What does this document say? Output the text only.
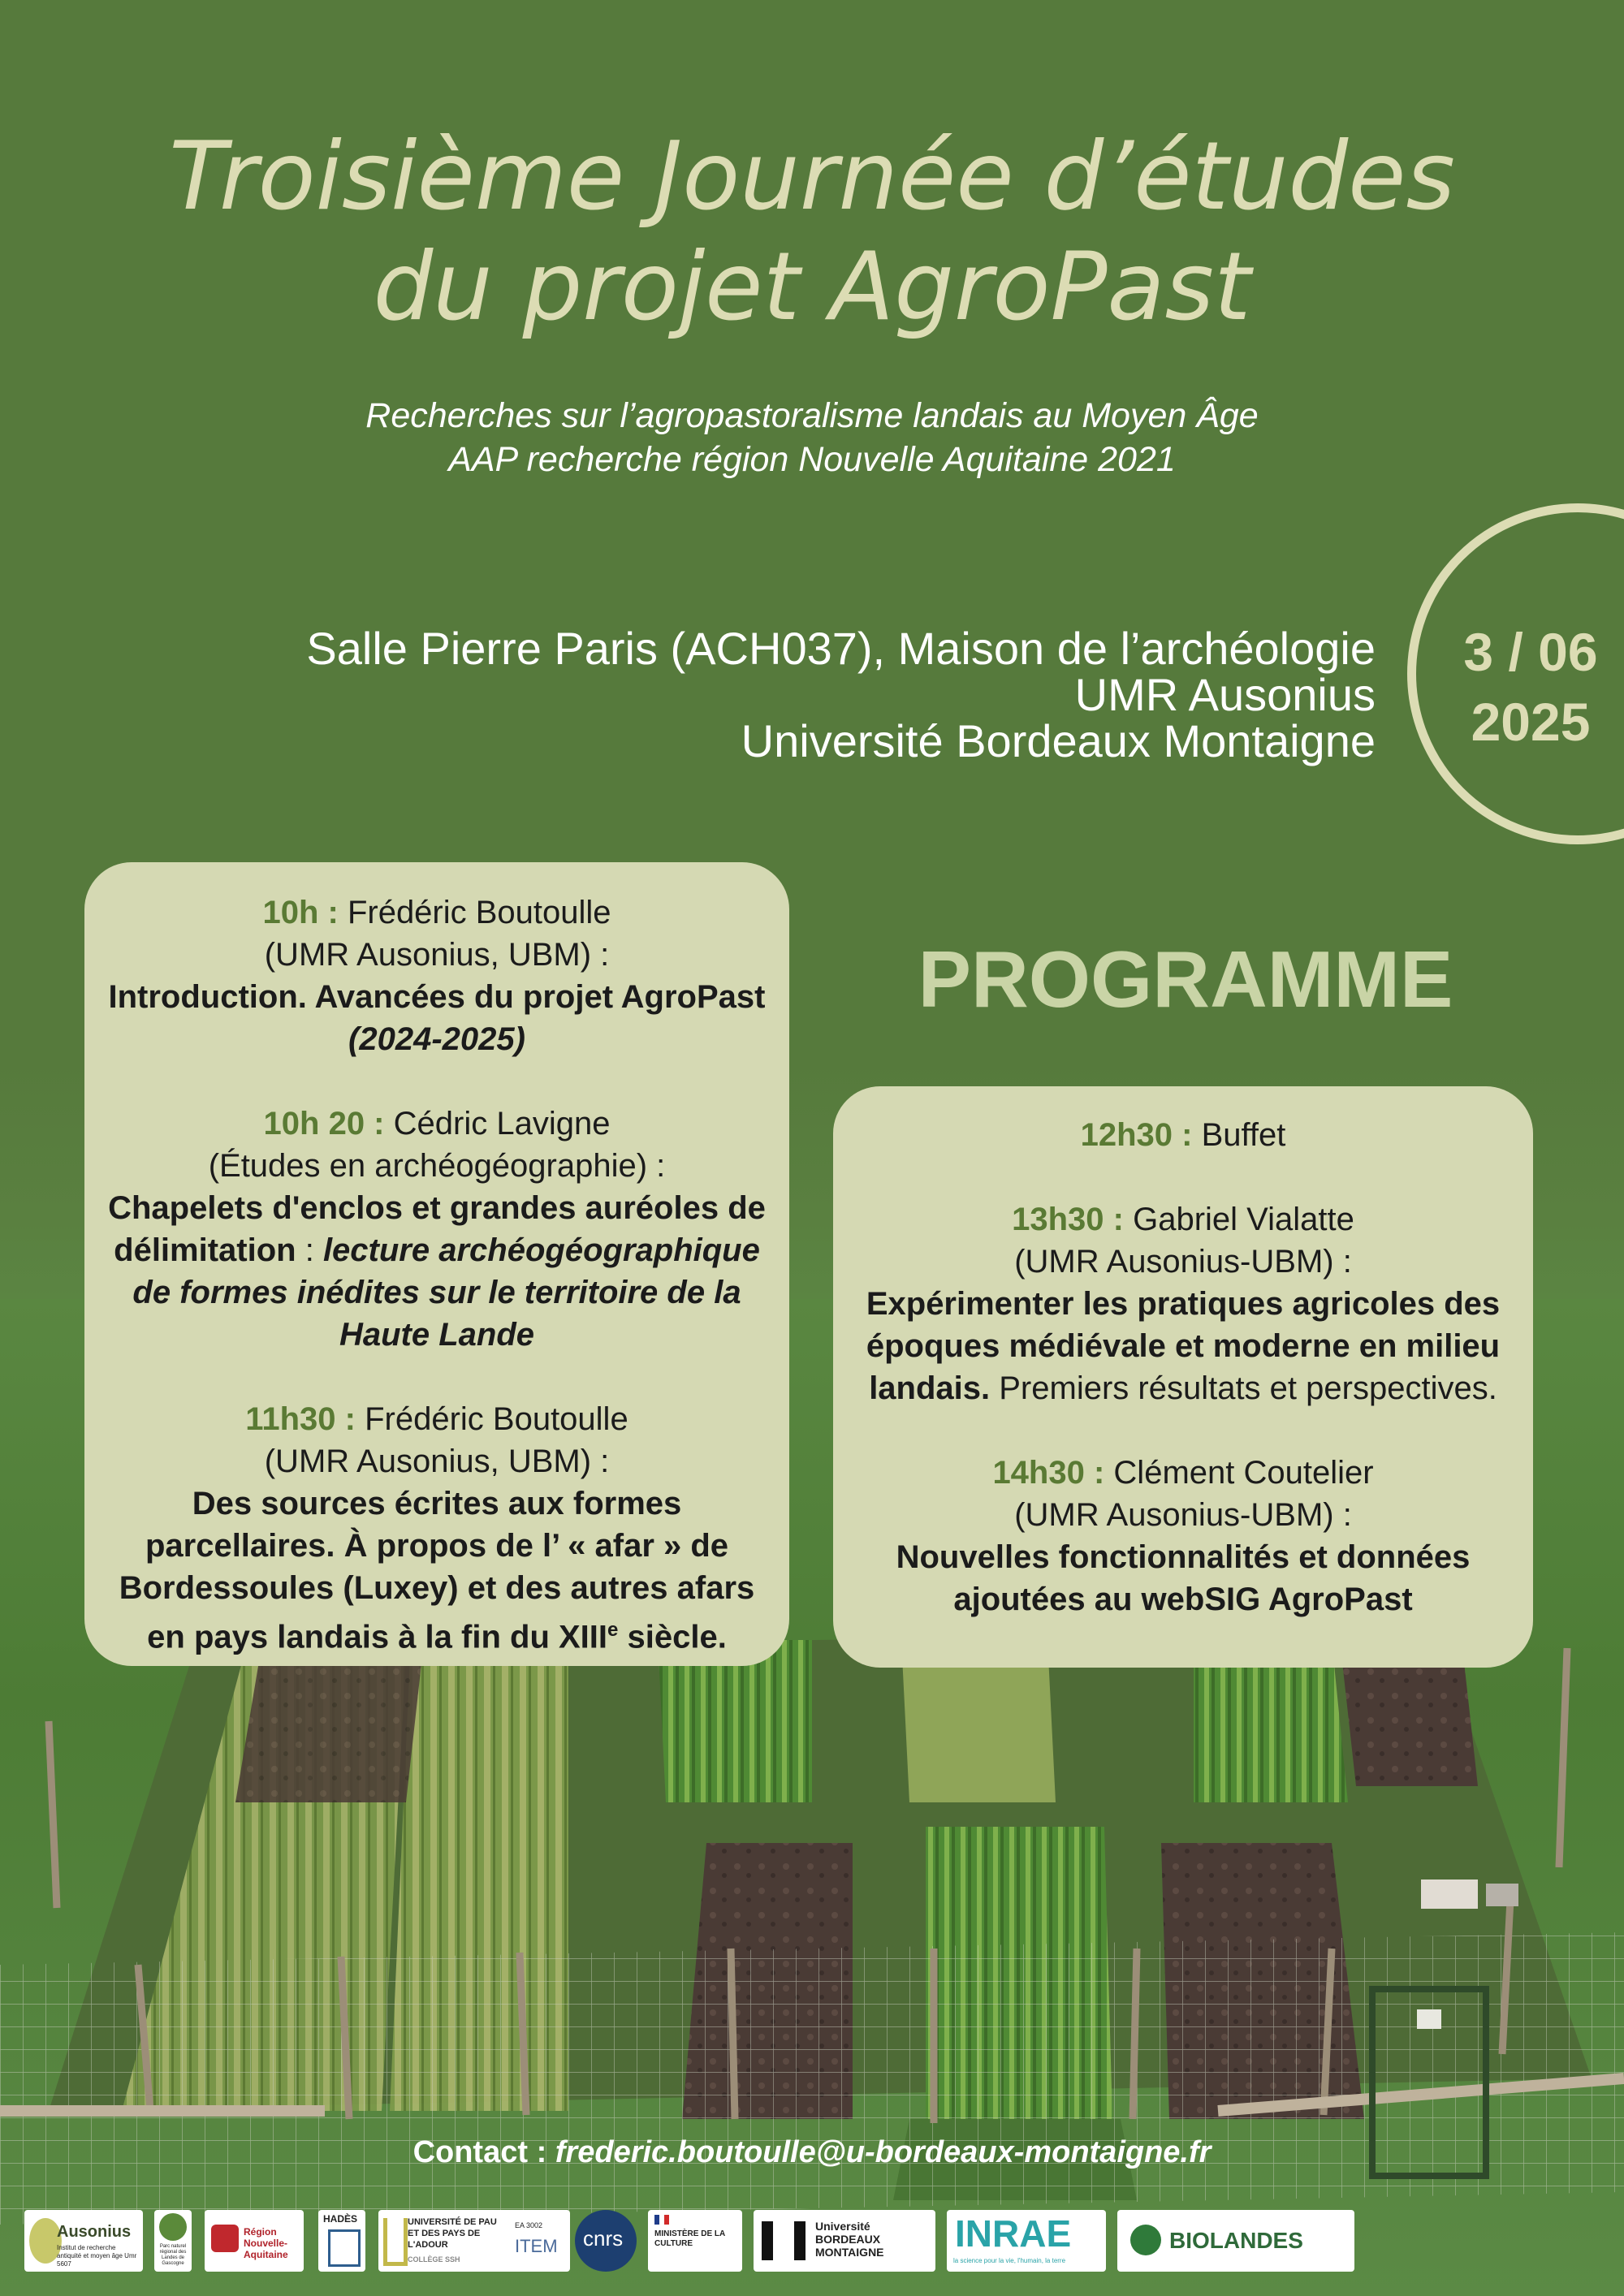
Troisième Journée d’études
du projet AgroPast
Recherches sur l’agropastoralisme landais au Moyen Âge
AAP recherche région Nouvelle Aquitaine 2021
Salle Pierre Paris (ACH037), Maison de l’archéologie
UMR Ausonius
Université Bordeaux Montaigne
3 / 06
2025
PROGRAMME
10h : Frédéric Boutoulle
(UMR Ausonius, UBM) :
Introduction. Avancées du projet AgroPast (2024-2025)
10h 20 : Cédric Lavigne
(Études en archéogéographie) :
Chapelets d'enclos et grandes auréoles de délimitation : lecture archéogéographique de formes inédites sur le territoire de la Haute Lande
11h30 : Frédéric Boutoulle
(UMR Ausonius, UBM) :
Des sources écrites aux formes parcellaires. À propos de l’ « afar » de Bordessoules (Luxey) et des autres afars en pays landais à la fin du XIIIe siècle.
12h30 : Buffet
13h30 : Gabriel Vialatte
(UMR Ausonius-UBM) :
Expérimenter les pratiques agricoles des époques médiévale et moderne en milieu landais. Premiers résultats et perspectives.
14h30 : Clément Coutelier
(UMR Ausonius-UBM) :
Nouvelles fonctionnalités et données ajoutées au webSIG AgroPast
Contact : frederic.boutoulle@u-bordeaux-montaigne.fr
Ausonius
Institut de recherche antiquité et moyen âge Umr 5607
Parc naturel régional des Landes de Gascogne
Région Nouvelle-Aquitaine
HADÈS	UNIVERSITÉ DE PAU ET DES PAYS DE L'ADOUR
COLLÈGE SSH
EA 3002
ITEM cnrs	MINISTÈRE DE LA CULTURE
Université BORDEAUX MONTAIGNE	INRAE
la science pour la vie, l'humain, la terre
BIOLANDES
